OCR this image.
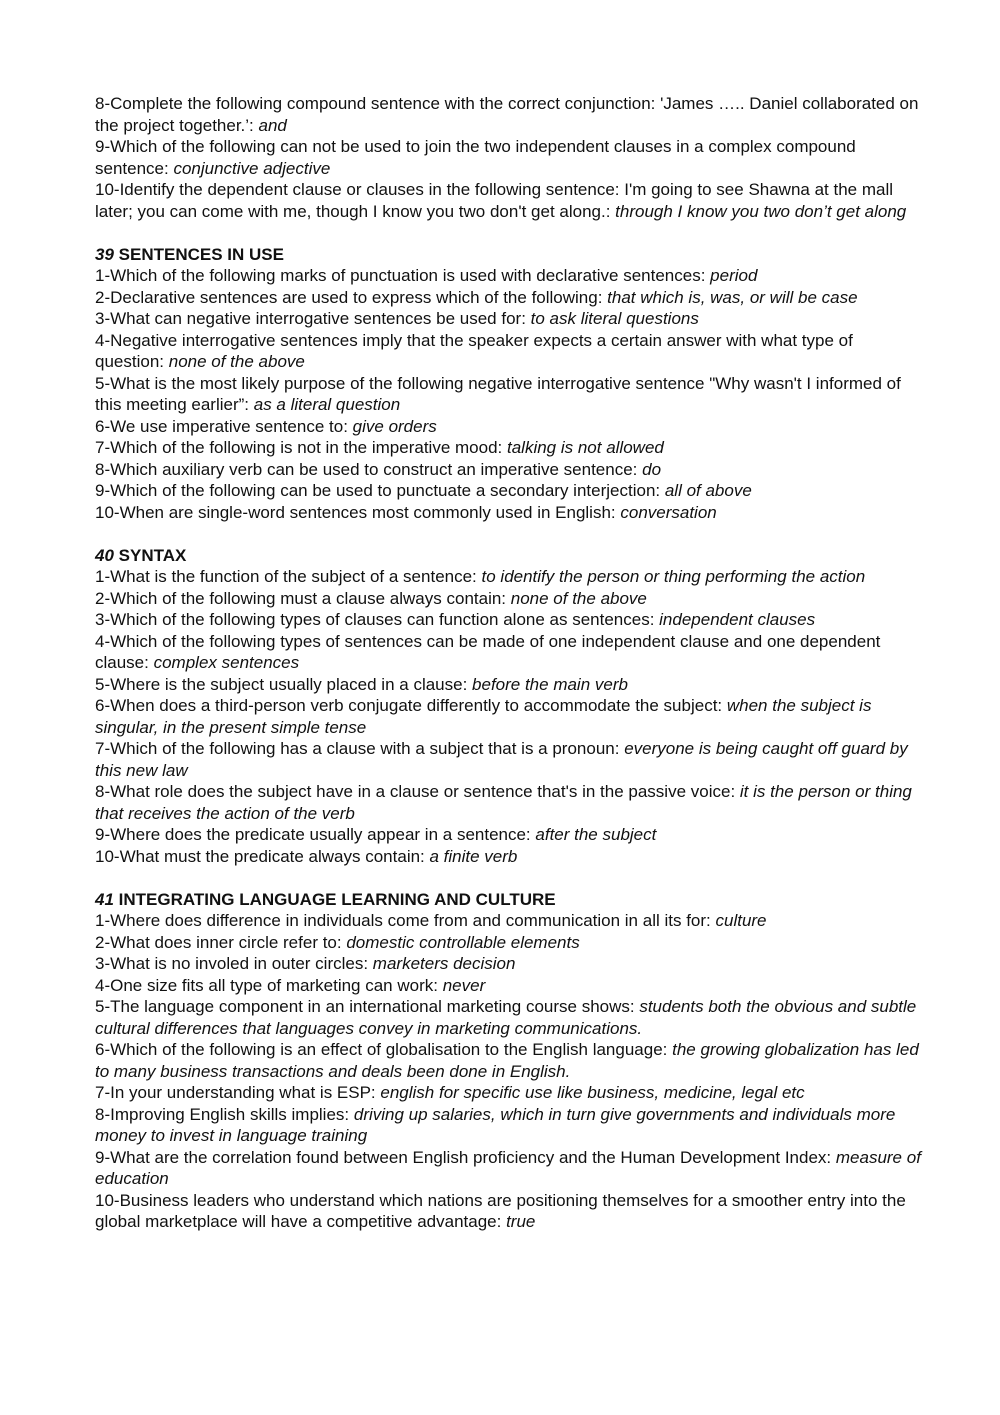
8-Complete the following compound sentence with the correct conjunction: 'James ….. Daniel collaborated on the project together.’: and

9-Which of the following can not be used to join the two independent clauses in a complex compound sentence: conjunctive adjective

10-Identify the dependent clause or clauses in the following sentence: I'm going to see Shawna at the mall later; you can come with me, though I know you two don't get along.: through I know you two don’t get along

39 SENTENCES IN USE

1-Which of the following marks of punctuation is used with declarative sentences: period

2-Declarative sentences are used to express which of the following: that which is, was, or will be case

3-What can negative interrogative sentences be used for: to ask literal questions

4-Negative interrogative sentences imply that the speaker expects a certain answer with what type of question: none of the above

5-What is the most likely purpose of the following negative interrogative sentence "Why wasn't I informed of this meeting earlier”: as a literal question

6-We use imperative sentence to: give orders

7-Which of the following is not in the imperative mood: talking is not allowed

8-Which auxiliary verb can be used to construct an imperative sentence: do

9-Which of the following can be used to punctuate a secondary interjection: all of above

10-When are single-word sentences most commonly used in English: conversation

40 SYNTAX

1-What is the function of the subject of a sentence: to identify the person or thing performing the action

2-Which of the following must a clause always contain: none of the above

3-Which of the following types of clauses can function alone as sentences: independent clauses

4-Which of the following types of sentences can be made of one independent clause and one dependent clause: complex sentences

5-Where is the subject usually placed in a clause: before the main verb

6-When does a third-person verb conjugate differently to accommodate the subject: when the subject is singular, in the present simple tense

7-Which of the following has a clause with a subject that is a pronoun: everyone is being caught off guard by this new law

8-What role does the subject have in a clause or sentence that's in the passive voice: it is the person or thing that receives the action of the verb

9-Where does the predicate usually appear in a sentence: after the subject

10-What must the predicate always contain: a finite verb

41 INTEGRATING LANGUAGE LEARNING AND CULTURE

1-Where does difference in individuals come from and communication in all its for: culture

2-What does inner circle refer to: domestic controllable elements

3-What is no involed in outer circles: marketers decision

4-One size fits all type of marketing can work: never

5-The language component in an international marketing course shows: students both the obvious and subtle cultural differences that languages convey in marketing communications.

6-Which of the following is an effect of globalisation to the English language: the growing globalization has led to many business transactions and deals been done in English.

7-In your understanding what is ESP: english for specific use like business, medicine, legal etc

8-Improving English skills implies: driving up salaries, which in turn give governments and individuals more money to invest in language training

9-What are the correlation found between English proficiency and the Human Development Index: measure of education

10-Business leaders who understand which nations are positioning themselves for a smoother entry into the global marketplace will have a competitive advantage: true
